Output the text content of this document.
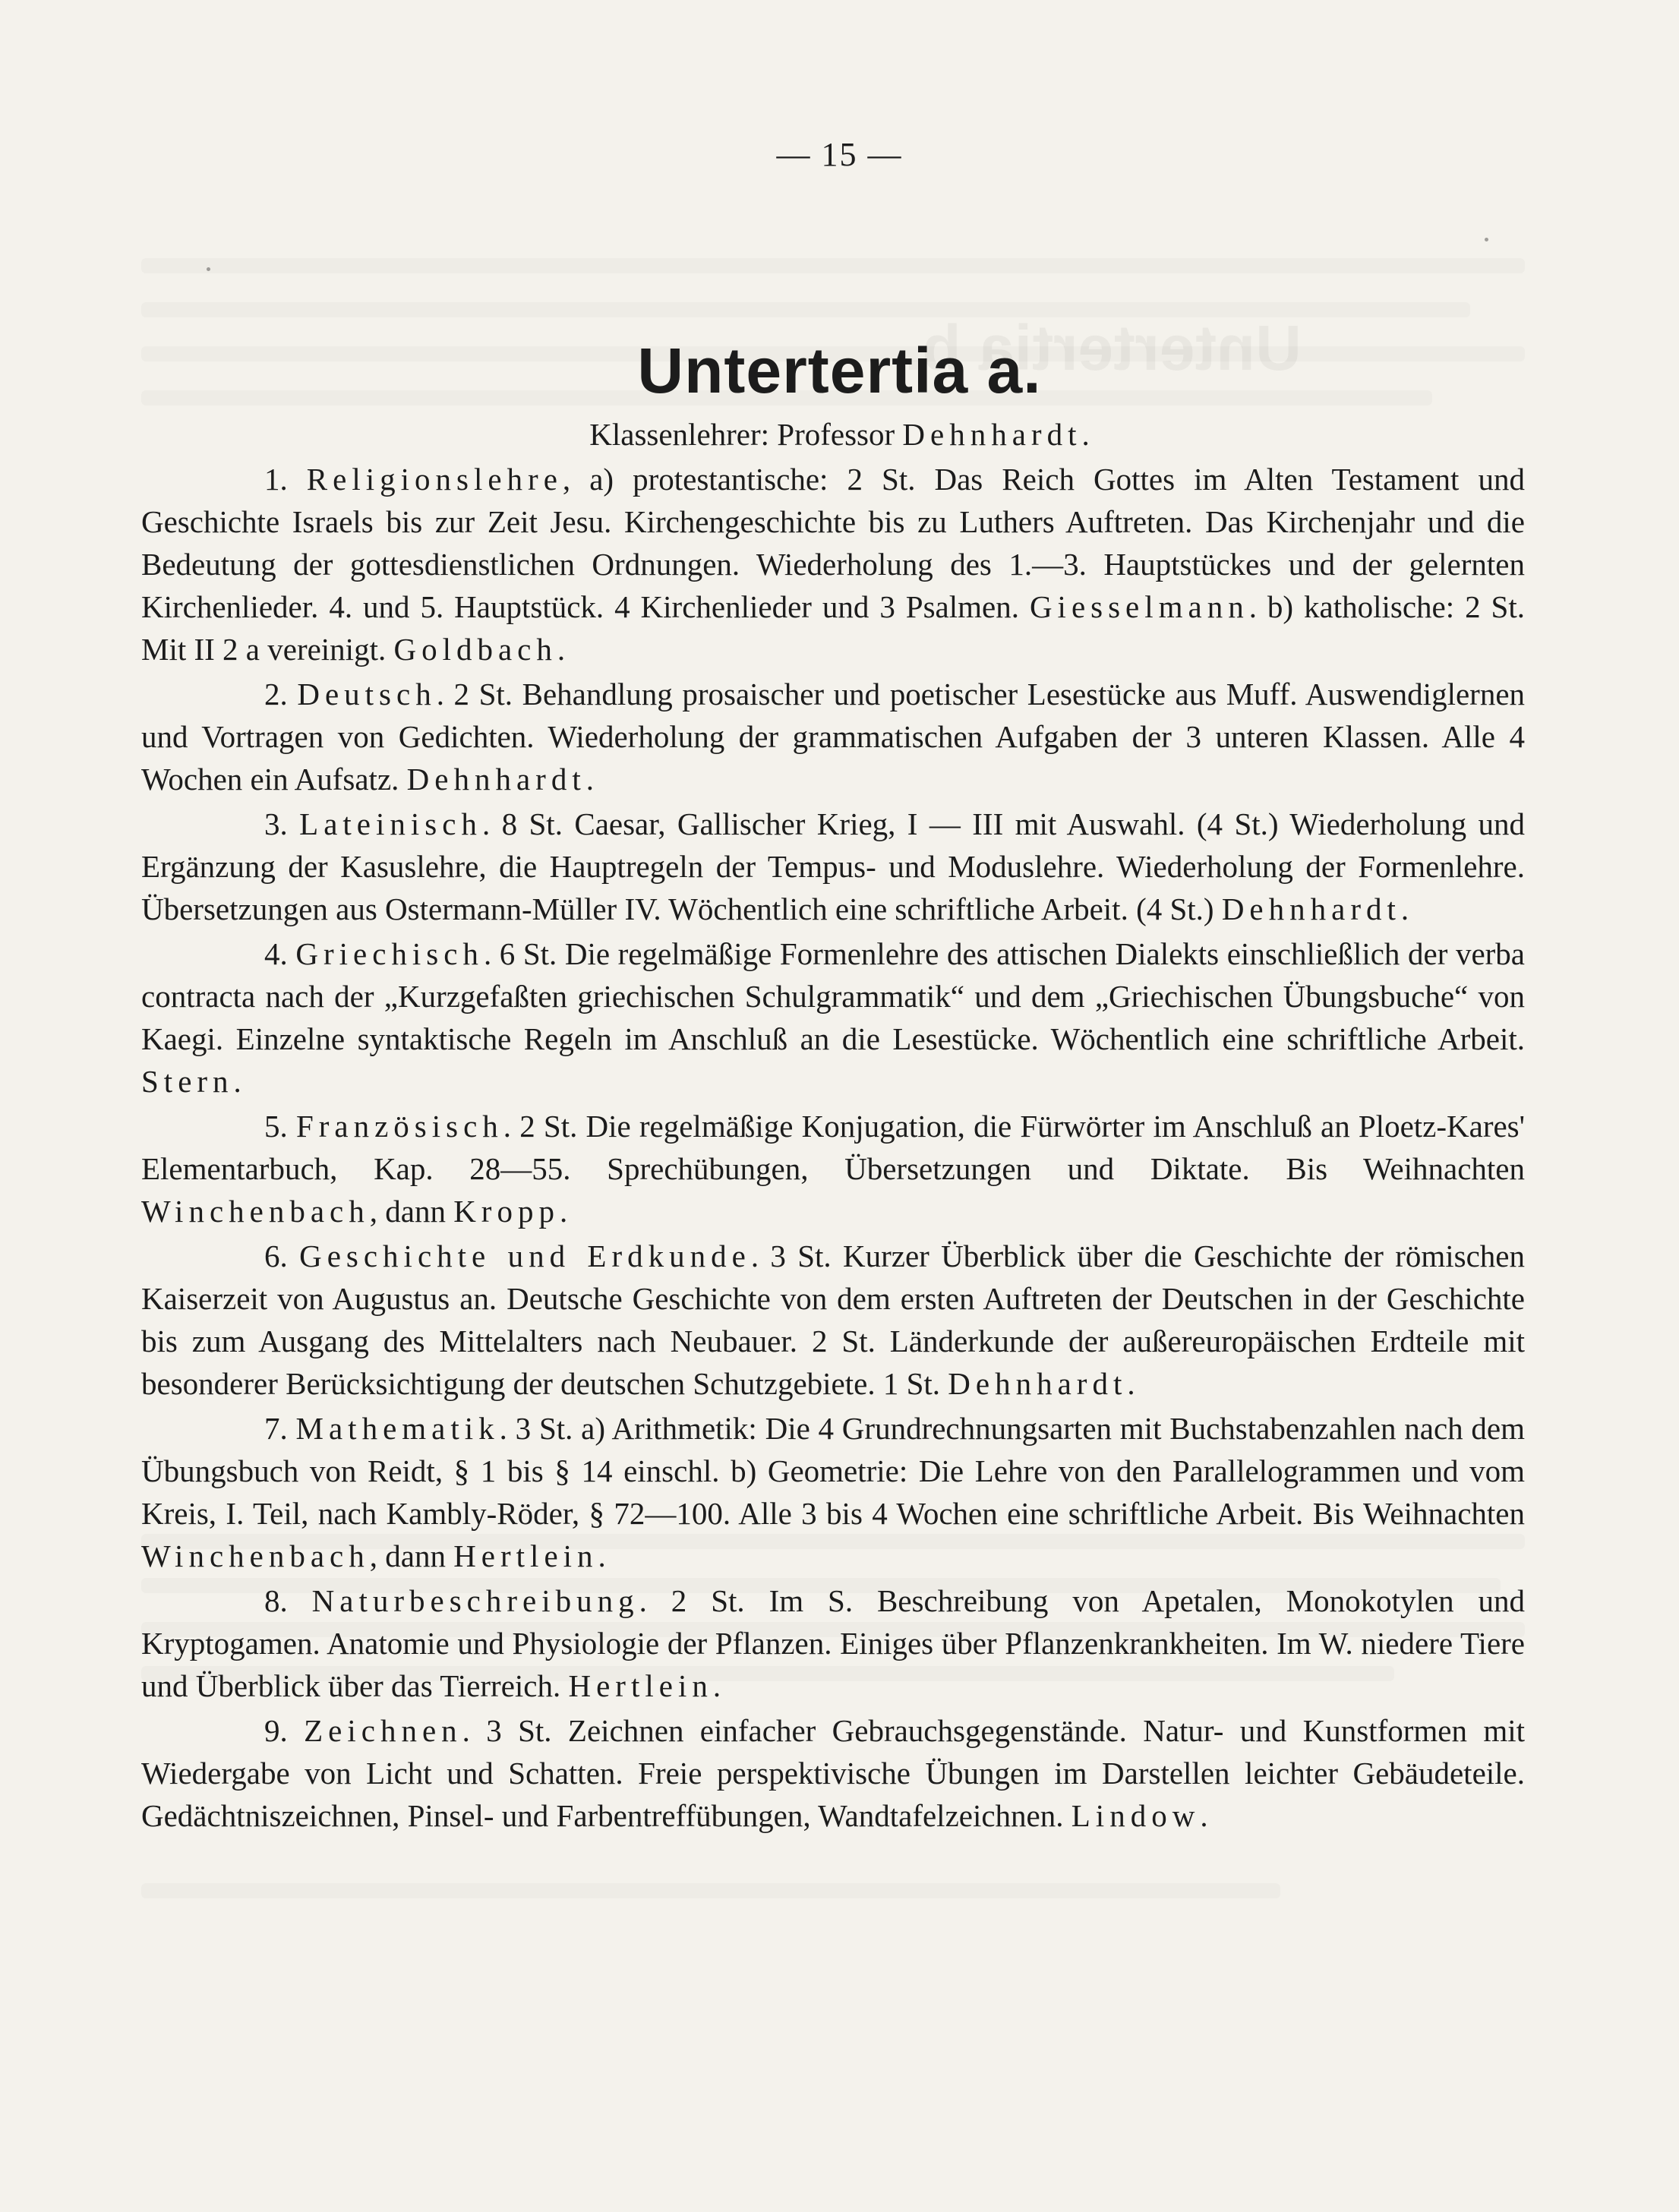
— 15 —
Untertertia a.
Klassenlehrer: Professor Dehnhardt.

1. Religionslehre, a) protestantische: 2 St. Das Reich Gottes im Alten Testament und Geschichte Israels bis zur Zeit Jesu. Kirchengeschichte bis zu Luthers Auftreten. Das Kirchenjahr und die Bedeutung der gottesdienstlichen Ordnungen. Wiederholung des 1.—3. Hauptstückes und der gelernten Kirchenlieder. 4. und 5. Hauptstück. 4 Kirchenlieder und 3 Psalmen. Giesselmann. b) katholische: 2 St. Mit II 2 a vereinigt. Goldbach.

2. Deutsch. 2 St. Behandlung prosaischer und poetischer Lesestücke aus Muff. Auswendiglernen und Vortragen von Gedichten. Wiederholung der grammatischen Aufgaben der 3 unteren Klassen. Alle 4 Wochen ein Aufsatz. Dehnhardt.

3. Lateinisch. 8 St. Caesar, Gallischer Krieg, I — III mit Auswahl. (4 St.) Wiederholung und Ergänzung der Kasuslehre, die Hauptregeln der Tempus- und Moduslehre. Wiederholung der Formenlehre. Übersetzungen aus Ostermann-Müller IV. Wöchentlich eine schriftliche Arbeit. (4 St.) Dehnhardt.

4. Griechisch. 6 St. Die regelmäßige Formenlehre des attischen Dialekts einschließlich der verba contracta nach der „Kurzgefaßten griechischen Schulgrammatik“ und dem „Griechischen Übungsbuche“ von Kaegi. Einzelne syntaktische Regeln im Anschluß an die Lesestücke. Wöchentlich eine schriftliche Arbeit. Stern.

5. Französisch. 2 St. Die regelmäßige Konjugation, die Fürwörter im Anschluß an Ploetz-Kares' Elementarbuch, Kap. 28—55. Sprechübungen, Übersetzungen und Diktate. Bis Weihnachten Winchenbach, dann Kropp.

6. Geschichte und Erdkunde. 3 St. Kurzer Überblick über die Geschichte der römischen Kaiserzeit von Augustus an. Deutsche Geschichte von dem ersten Auftreten der Deutschen in der Geschichte bis zum Ausgang des Mittelalters nach Neubauer. 2 St. Länderkunde der außereuropäischen Erdteile mit besonderer Berücksichtigung der deutschen Schutzgebiete. 1 St. Dehnhardt.

7. Mathematik. 3 St. a) Arithmetik: Die 4 Grundrechnungsarten mit Buchstabenzahlen nach dem Übungsbuch von Reidt, § 1 bis § 14 einschl. b) Geometrie: Die Lehre von den Parallelogrammen und vom Kreis, I. Teil, nach Kambly-Röder, § 72—100. Alle 3 bis 4 Wochen eine schriftliche Arbeit. Bis Weihnachten Winchenbach, dann Hertlein.

8. Naturbeschreibung. 2 St. Im S. Beschreibung von Apetalen, Monokotylen und Kryptogamen. Anatomie und Physiologie der Pflanzen. Einiges über Pflanzenkrankheiten. Im W. niedere Tiere und Überblick über das Tierreich. Hertlein.

9. Zeichnen. 3 St. Zeichnen einfacher Gebrauchsgegenstände. Natur- und Kunstformen mit Wiedergabe von Licht und Schatten. Freie perspektivische Übungen im Darstellen leichter Gebäudeteile. Gedächtniszeichnen, Pinsel- und Farbentreffübungen, Wandtafelzeichnen. Lindow.
